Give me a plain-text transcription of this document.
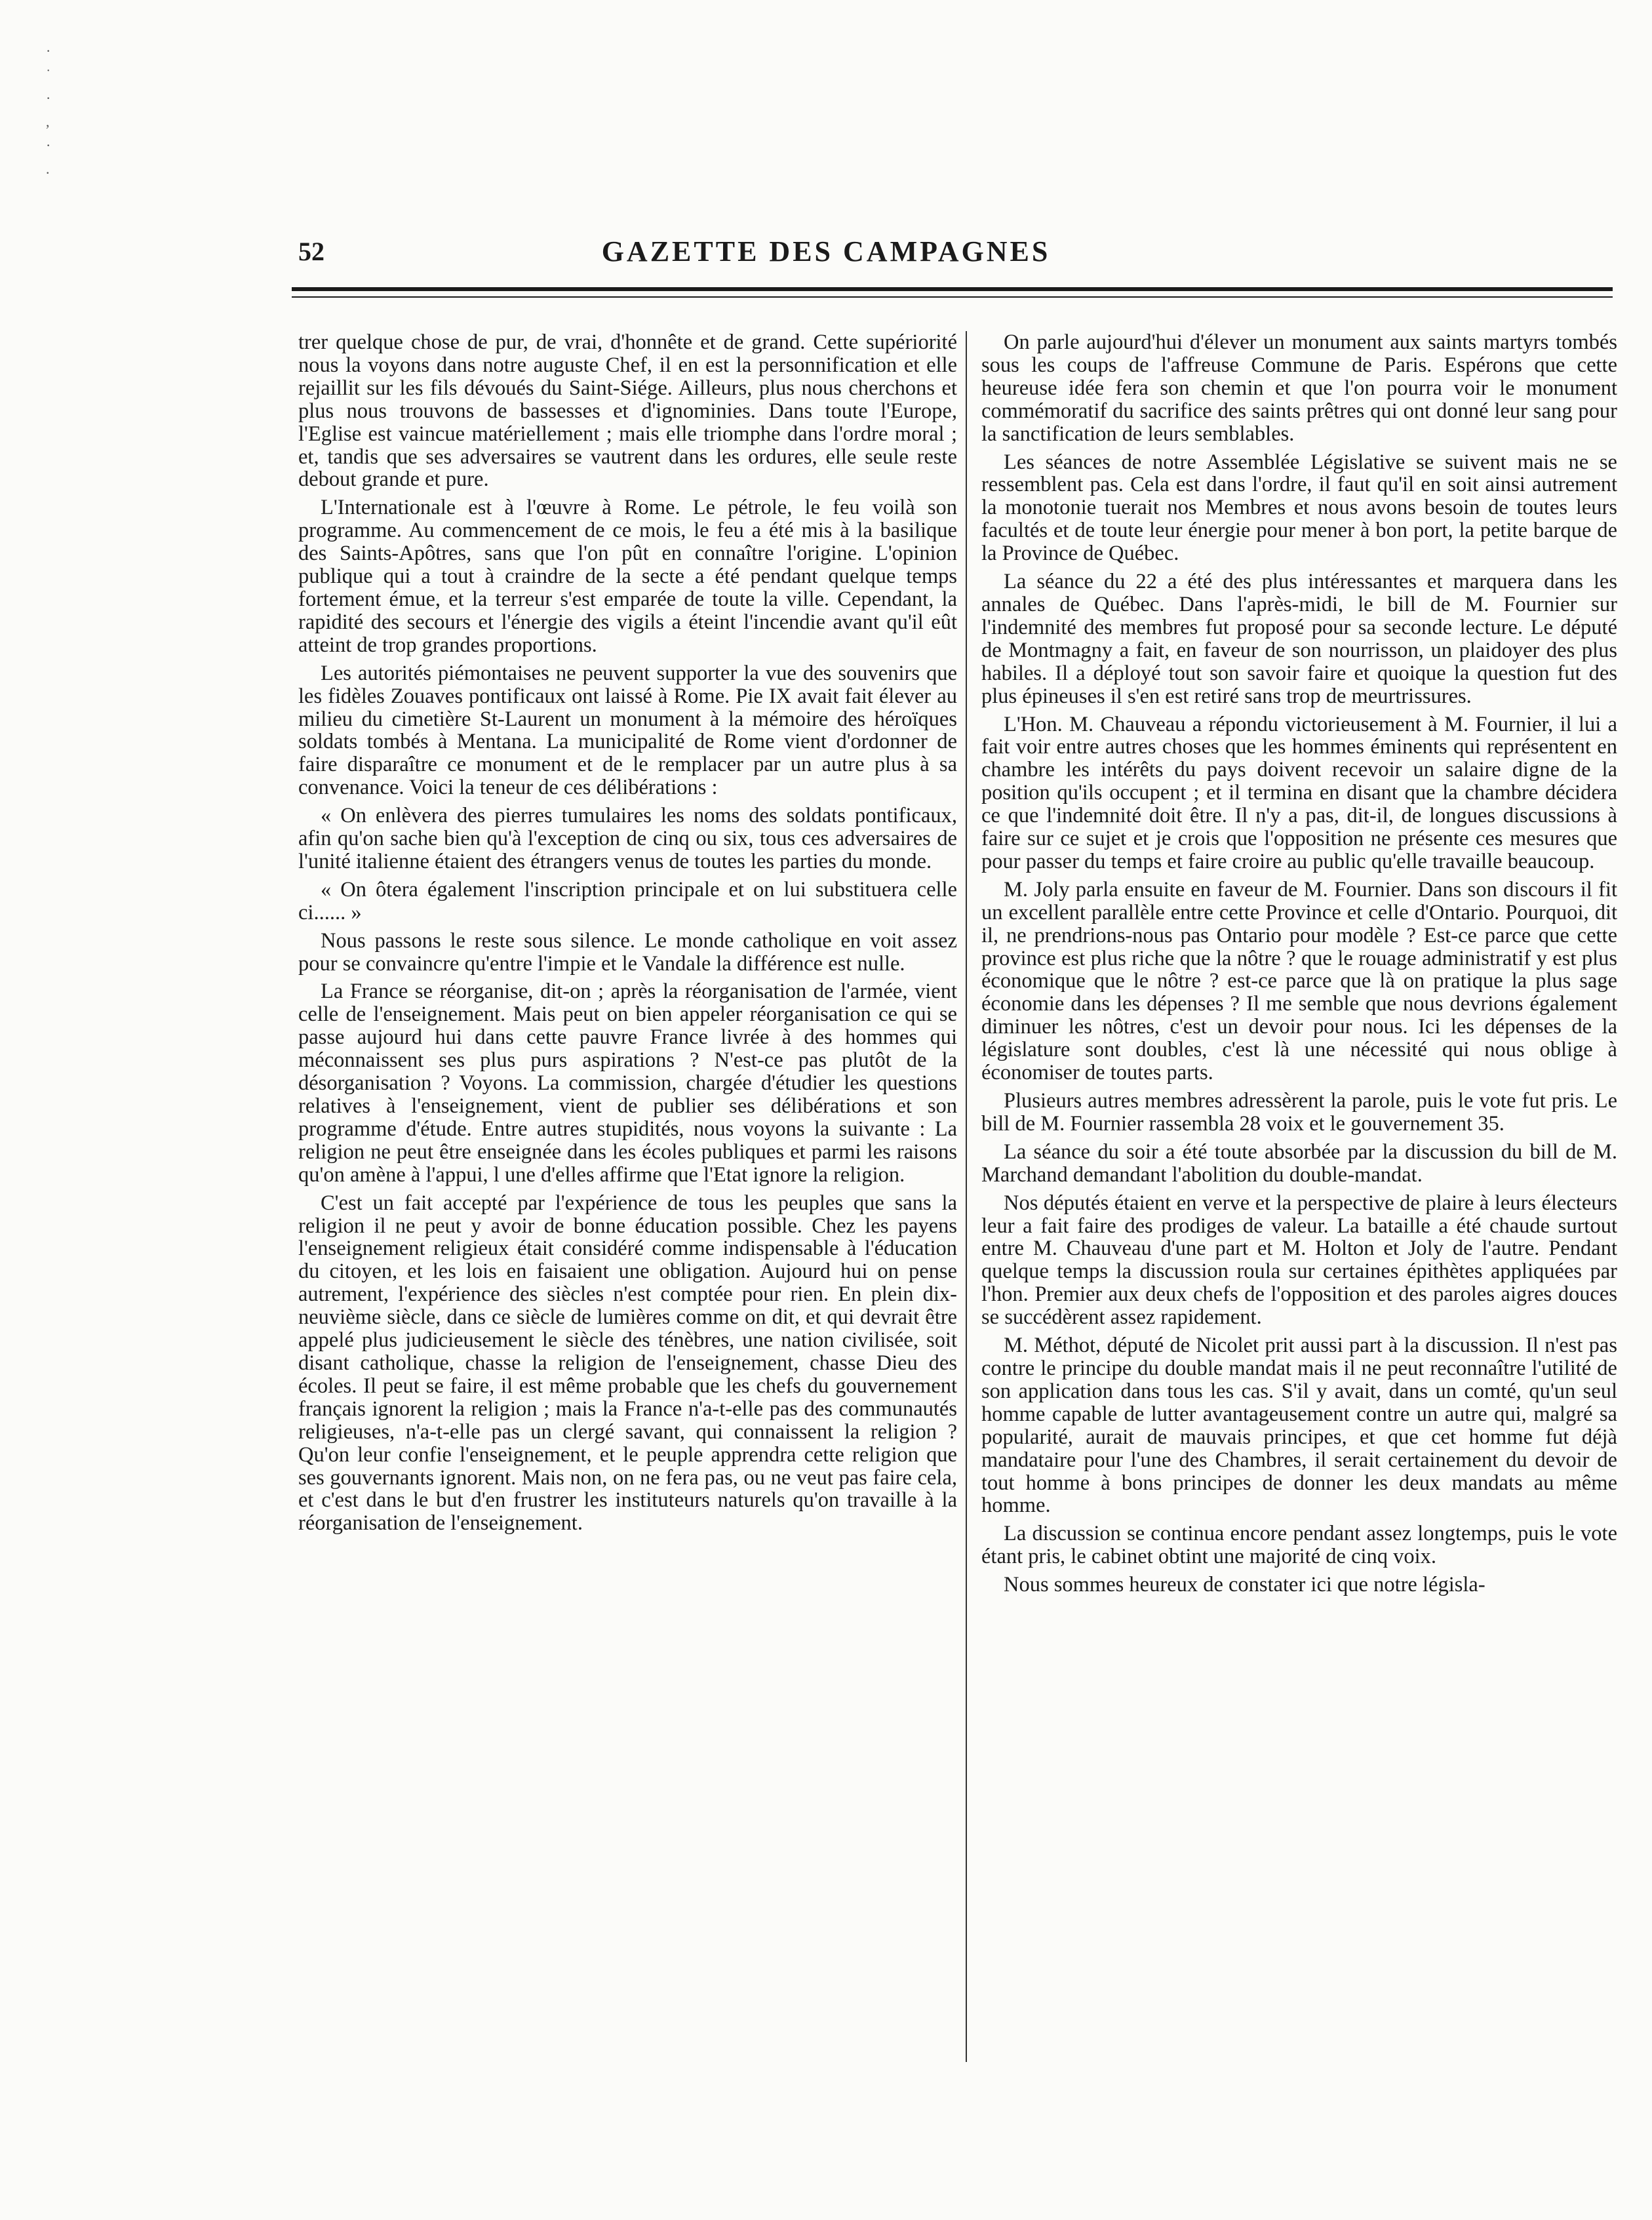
·
˙
·
,
·
.
52	GAZETTE DES CAMPAGNES

trer quelque chose de pur, de vrai, d'honnête et de grand. Cette supériorité nous la voyons dans notre auguste Chef, il en est la personnification et elle rejaillit sur les fils dévoués du Saint-Siége. Ailleurs, plus nous cherchons et plus nous trouvons de bassesses et d'ignominies. Dans toute l'Europe, l'Eglise est vaincue matériellement ; mais elle triomphe dans l'ordre moral ; et, tandis que ses adversaires se vautrent dans les ordures, elle seule reste debout grande et pure.

L'Internationale est à l'œuvre à Rome. Le pétrole, le feu voilà son programme. Au commencement de ce mois, le feu a été mis à la basilique des Saints-Apôtres, sans que l'on pût en connaître l'origine. L'opinion publique qui a tout à craindre de la secte a été pendant quelque temps fortement émue, et la terreur s'est emparée de toute la ville. Cependant, la rapidité des secours et l'énergie des vigils a éteint l'incendie avant qu'il eût atteint de trop grandes proportions.

Les autorités piémontaises ne peuvent supporter la vue des souvenirs que les fidèles Zouaves pontificaux ont laissé à Rome. Pie IX avait fait élever au milieu du cimetière St-Laurent un monument à la mémoire des héroïques soldats tombés à Mentana. La municipalité de Rome vient d'ordonner de faire disparaître ce monument et de le remplacer par un autre plus à sa convenance. Voici la teneur de ces délibérations :

« On enlèvera des pierres tumulaires les noms des soldats pontificaux, afin qu'on sache bien qu'à l'exception de cinq ou six, tous ces adversaires de l'unité italienne étaient des étrangers venus de toutes les parties du monde.

« On ôtera également l'inscription principale et on lui substituera celle ci...... »

Nous passons le reste sous silence. Le monde catholique en voit assez pour se convaincre qu'entre l'impie et le Vandale la différence est nulle.

La France se réorganise, dit-on ; après la réorganisation de l'armée, vient celle de l'enseignement. Mais peut on bien appeler réorganisation ce qui se passe aujourd hui dans cette pauvre France livrée à des hommes qui méconnaissent ses plus purs aspirations ? N'est-ce pas plutôt de la désorganisation ? Voyons. La commission, chargée d'étudier les questions relatives à l'enseignement, vient de publier ses délibérations et son programme d'étude. Entre autres stupidités, nous voyons la suivante : La religion ne peut être enseignée dans les écoles publiques et parmi les raisons qu'on amène à l'appui, l une d'elles affirme que l'Etat ignore la religion.

C'est un fait accepté par l'expérience de tous les peuples que sans la religion il ne peut y avoir de bonne éducation possible. Chez les payens l'enseignement religieux était considéré comme indispensable à l'éducation du citoyen, et les lois en faisaient une obligation. Aujourd hui on pense autrement, l'expérience des siècles n'est comptée pour rien. En plein dix-neuvième siècle, dans ce siècle de lumières comme on dit, et qui devrait être appelé plus judicieusement le siècle des ténèbres, une nation civilisée, soit disant catholique, chasse la religion de l'enseignement, chasse Dieu des écoles. Il peut se faire, il est même probable que les chefs du gouvernement français ignorent la religion ; mais la France n'a-t-elle pas des communautés religieuses, n'a-t-elle pas un clergé savant, qui connaissent la religion ? Qu'on leur confie l'enseignement, et le peuple apprendra cette religion que ses gouvernants ignorent. Mais non, on ne fera pas, ou ne veut pas faire cela, et c'est dans le but d'en frustrer les instituteurs naturels qu'on travaille à la réorganisation de l'enseignement.

On parle aujourd'hui d'élever un monument aux saints martyrs tombés sous les coups de l'affreuse Commune de Paris. Espérons que cette heureuse idée fera son chemin et que l'on pourra voir le monument commémoratif du sacrifice des saints prêtres qui ont donné leur sang pour la sanctification de leurs semblables.

Les séances de notre Assemblée Législative se suivent mais ne se ressemblent pas. Cela est dans l'ordre, il faut qu'il en soit ainsi autrement la monotonie tuerait nos Membres et nous avons besoin de toutes leurs facultés et de toute leur énergie pour mener à bon port, la petite barque de la Province de Québec.

La séance du 22 a été des plus intéressantes et marquera dans les annales de Québec. Dans l'après-midi, le bill de M. Fournier sur l'indemnité des membres fut proposé pour sa seconde lecture. Le député de Montmagny a fait, en faveur de son nourrisson, un plaidoyer des plus habiles. Il a déployé tout son savoir faire et quoique la question fut des plus épineuses il s'en est retiré sans trop de meurtrissures.

L'Hon. M. Chauveau a répondu victorieusement à M. Fournier, il lui a fait voir entre autres choses que les hommes éminents qui représentent en chambre les intérêts du pays doivent recevoir un salaire digne de la position qu'ils occupent ; et il termina en disant que la chambre décidera ce que l'indemnité doit être. Il n'y a pas, dit-il, de longues discussions à faire sur ce sujet et je crois que l'opposition ne présente ces mesures que pour passer du temps et faire croire au public qu'elle travaille beaucoup.

M. Joly parla ensuite en faveur de M. Fournier. Dans son discours il fit un excellent parallèle entre cette Province et celle d'Ontario. Pourquoi, dit il, ne prendrions-nous pas Ontario pour modèle ? Est-ce parce que cette province est plus riche que la nôtre ? que le rouage administratif y est plus économique que le nôtre ? est-ce parce que là on pratique la plus sage économie dans les dépenses ? Il me semble que nous devrions également diminuer les nôtres, c'est un devoir pour nous. Ici les dépenses de la législature sont doubles, c'est là une nécessité qui nous oblige à économiser de toutes parts.

Plusieurs autres membres adressèrent la parole, puis le vote fut pris. Le bill de M. Fournier rassembla 28 voix et le gouvernement 35.

La séance du soir a été toute absorbée par la discussion du bill de M. Marchand demandant l'abolition du double-mandat.

Nos députés étaient en verve et la perspective de plaire à leurs électeurs leur a fait faire des prodiges de valeur. La bataille a été chaude surtout entre M. Chauveau d'une part et M. Holton et Joly de l'autre. Pendant quelque temps la discussion roula sur certaines épithètes appliquées par l'hon. Premier aux deux chefs de l'opposition et des paroles aigres douces se succédèrent assez rapidement.

M. Méthot, député de Nicolet prit aussi part à la discussion. Il n'est pas contre le principe du double mandat mais il ne peut reconnaître l'utilité de son application dans tous les cas. S'il y avait, dans un comté, qu'un seul homme capable de lutter avantageusement contre un autre qui, malgré sa popularité, aurait de mauvais principes, et que cet homme fut déjà mandataire pour l'une des Chambres, il serait certainement du devoir de tout homme à bons principes de donner les deux mandats au même homme.

La discussion se continua encore pendant assez longtemps, puis le vote étant pris, le cabinet obtint une majorité de cinq voix.

Nous sommes heureux de constater ici que notre législa-
